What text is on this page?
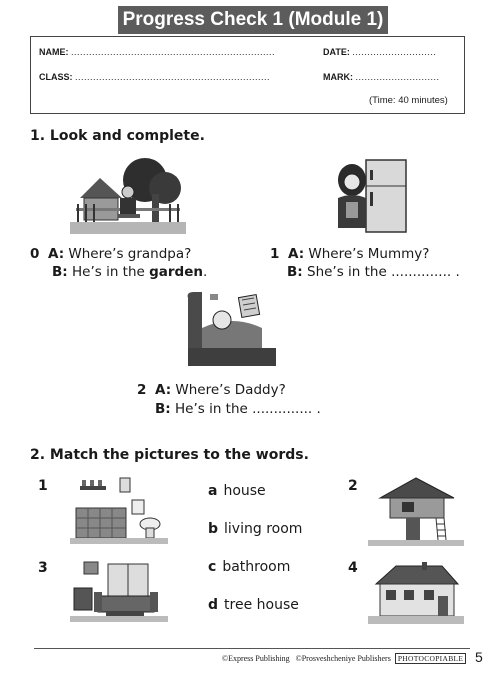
Progress Check 1 (Module 1)
NAME: ....................................................................	DATE: ............................
CLASS: .................................................................	MARK: ............................
(Time: 40 minutes)
1. Look and complete.
0 A: Where’s grandpa?
B: He’s in the garden.
1 A: Where’s Mummy?
B: She’s in the .............. .
2 A: Where’s Daddy?
B: He’s in the .............. .
2. Match the pictures to the words.
1	2
3	4
a house
b living room
c bathroom
d tree house
©Express Publishing ©Prosveshcheniye Publishers PHOTOCOPIABLE 5
